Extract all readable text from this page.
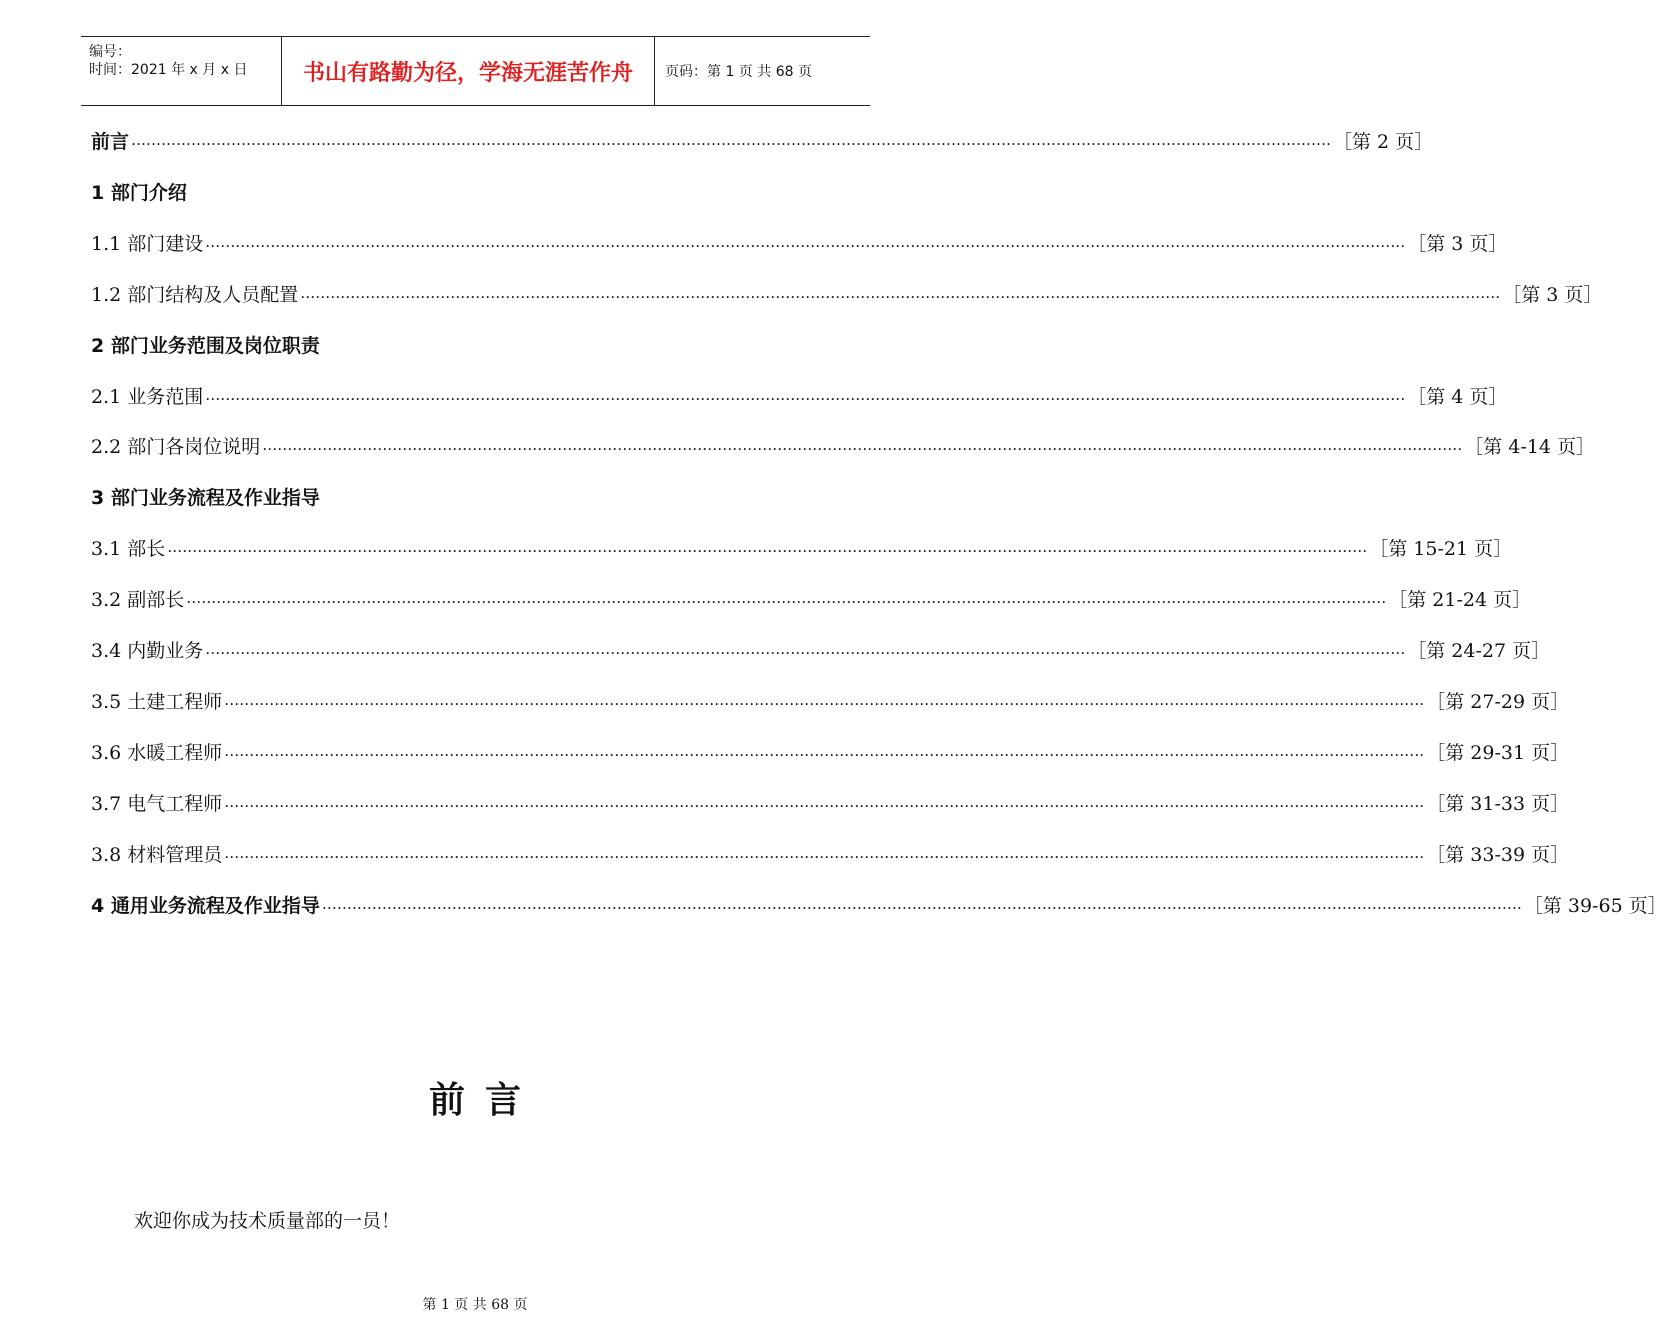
编号：
时间：2021 年 x 月 x 日	书山有路勤为径，学海无涯苦作舟	页码：第 1 页 共 68 页
前言 …………………………………………………………………………………………………………………………………………………………………………………………………………………… ［第 2 页］
1 部门介绍
1.1 部门建设 …………………………………………………………………………………………………………………………………………………………………………………………………………………… ［第 3 页］
1.2 部门结构及人员配置 …………………………………………………………………………………………………………………………………………………………………………………………………………………… ［第 3 页］
2 部门业务范围及岗位职责
2.1 业务范围 …………………………………………………………………………………………………………………………………………………………………………………………………………………… ［第 4 页］
2.2 部门各岗位说明 …………………………………………………………………………………………………………………………………………………………………………………………………………………… ［第 4-14 页］
3 部门业务流程及作业指导
3.1 部长 …………………………………………………………………………………………………………………………………………………………………………………………………………………… ［第 15-21 页］
3.2 副部长 …………………………………………………………………………………………………………………………………………………………………………………………………………………… ［第 21-24 页］
3.4 内勤业务 …………………………………………………………………………………………………………………………………………………………………………………………………………………… ［第 24-27 页］
3.5 土建工程师 …………………………………………………………………………………………………………………………………………………………………………………………………………………… ［第 27-29 页］
3.6 水暖工程师 …………………………………………………………………………………………………………………………………………………………………………………………………………………… ［第 29-31 页］
3.7 电气工程师 …………………………………………………………………………………………………………………………………………………………………………………………………………………… ［第 31-33 页］
3.8 材料管理员 …………………………………………………………………………………………………………………………………………………………………………………………………………………… ［第 33-39 页］
4 通用业务流程及作业指导 …………………………………………………………………………………………………………………………………………………………………………………………………………………… ［第 39-65 页］
前言
欢迎你成为技术质量部的一员！
第 1 页 共 68 页
